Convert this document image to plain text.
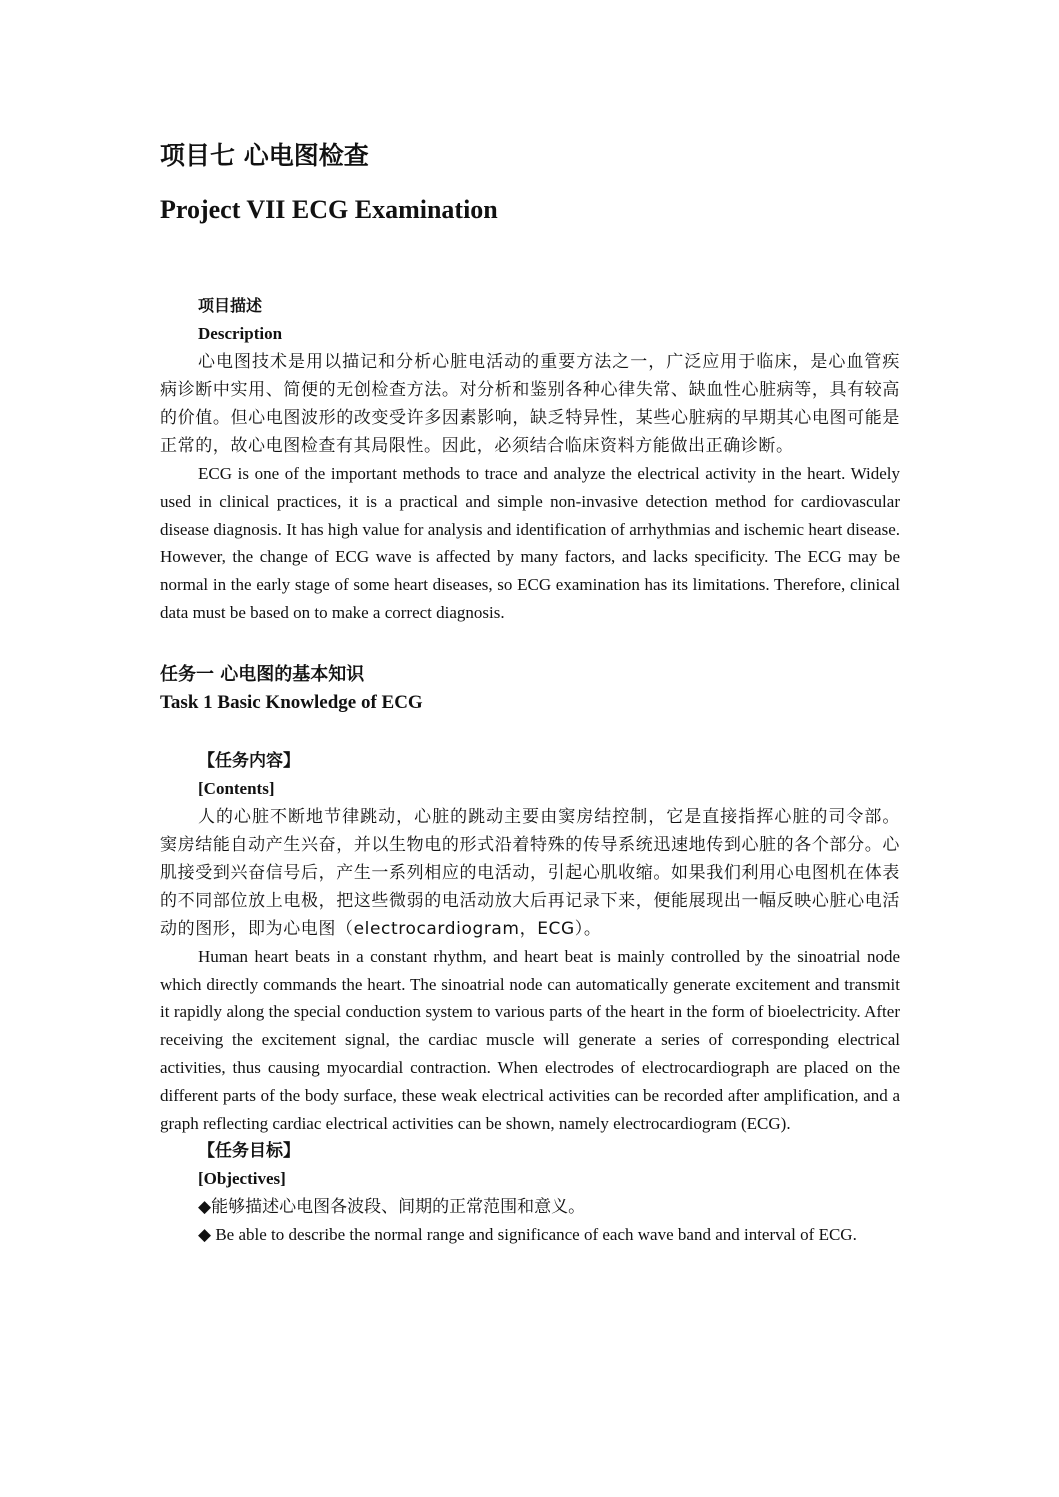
项目七 心电图检查
Project VII ECG Examination
项目描述
Description

心电图技术是用以描记和分析心脏电活动的重要方法之一，广泛应用于临床，是心血管疾病诊断中实用、简便的无创检查方法。对分析和鉴别各种心律失常、缺血性心脏病等，具有较高的价值。但心电图波形的改变受许多因素影响，缺乏特异性，某些心脏病的早期其心电图可能是正常的，故心电图检查有其局限性。因此，必须结合临床资料方能做出正确诊断。

ECG is one of the important methods to trace and analyze the electrical activity in the heart. Widely used in clinical practices, it is a practical and simple non-invasive detection method for cardiovascular disease diagnosis. It has high value for analysis and identification of arrhythmias and ischemic heart disease. However, the change of ECG wave is affected by many factors, and lacks specificity. The ECG may be normal in the early stage of some heart diseases, so ECG examination has its limitations. Therefore, clinical data must be based on to make a correct diagnosis.

任务一 心电图的基本知识
Task 1 Basic Knowledge of ECG
【任务内容】
[Contents]

人的心脏不断地节律跳动，心脏的跳动主要由窦房结控制，它是直接指挥心脏的司令部。窦房结能自动产生兴奋，并以生物电的形式沿着特殊的传导系统迅速地传到心脏的各个部分。心肌接受到兴奋信号后，产生一系列相应的电活动，引起心肌收缩。如果我们利用心电图机在体表的不同部位放上电极，把这些微弱的电活动放大后再记录下来，便能展现出一幅反映心脏心电活动的图形，即为心电图（electrocardiogram，ECG）。

Human heart beats in a constant rhythm, and heart beat is mainly controlled by the sinoatrial node which directly commands the heart. The sinoatrial node can automatically generate excitement and transmit it rapidly along the special conduction system to various parts of the heart in the form of bioelectricity. After receiving the excitement signal, the cardiac muscle will generate a series of corresponding electrical activities, thus causing myocardial contraction. When electrodes of electrocardiograph are placed on the different parts of the body surface, these weak electrical activities can be recorded after amplification, and a graph reflecting cardiac electrical activities can be shown, namely electrocardiogram (ECG).

【任务目标】
[Objectives]

◆能够描述心电图各波段、间期的正常范围和意义。

◆ Be able to describe the normal range and significance of each wave band and interval of ECG.
